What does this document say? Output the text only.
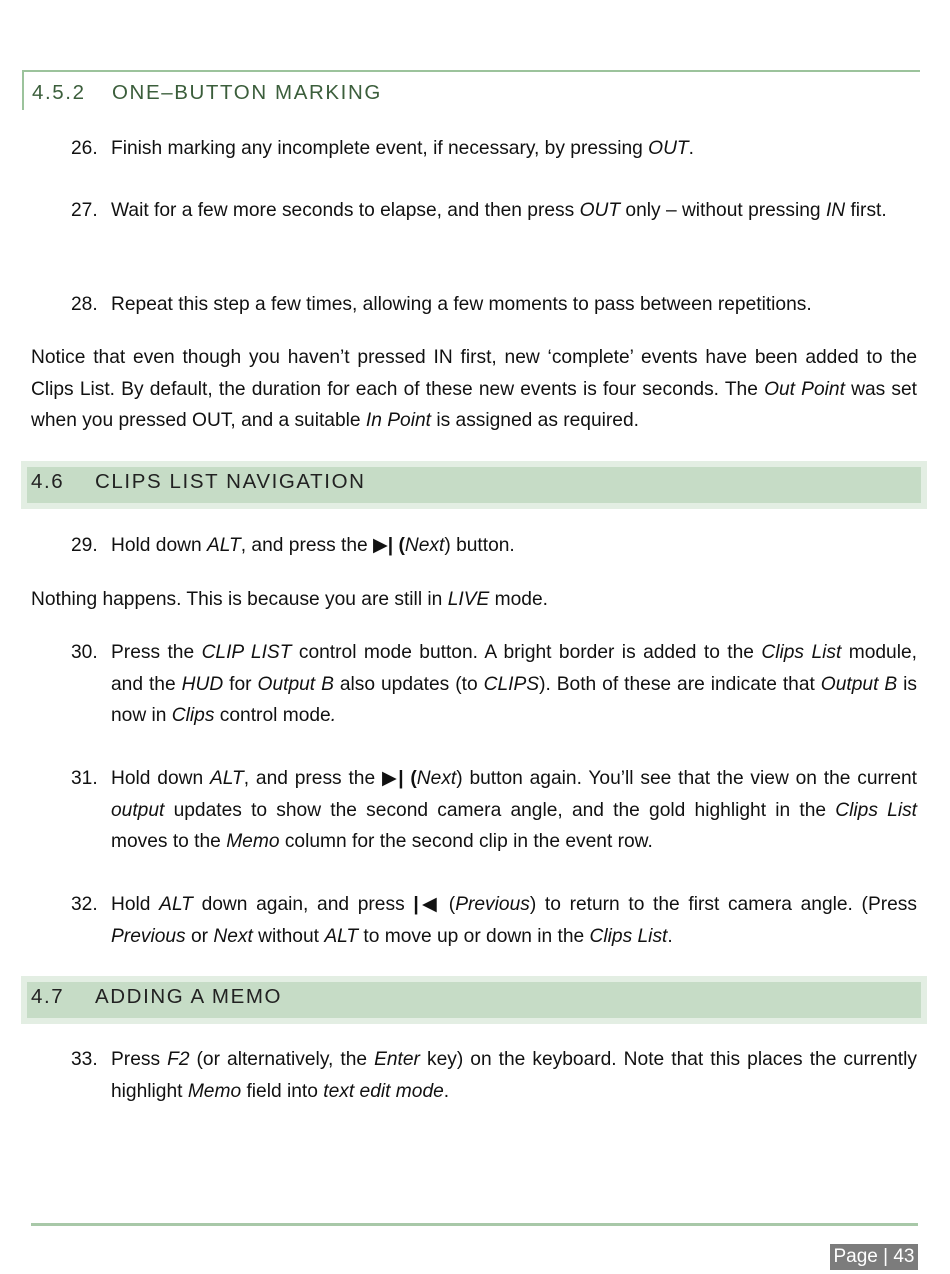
4.5.2 ONE–BUTTON MARKING
26. Finish marking any incomplete event, if necessary, by pressing OUT.
27. Wait for a few more seconds to elapse, and then press OUT only – without pressing IN first.
28. Repeat this step a few times, allowing a few moments to pass between repetitions.
Notice that even though you haven’t pressed IN first, new ‘complete’ events have been added to the Clips List. By default, the duration for each of these new events is four seconds. The Out Point was set when you pressed OUT, and a suitable In Point is assigned as required.
4.6 CLIPS LIST NAVIGATION
29. Hold down ALT, and press the ▶| (Next) button.
Nothing happens. This is because you are still in LIVE mode.
30. Press the CLIP LIST control mode button. A bright border is added to the Clips List module, and the HUD for Output B also updates (to CLIPS). Both of these are indicate that Output B is now in Clips control mode.
31. Hold down ALT, and press the ▶| (Next) button again. You’ll see that the view on the current output updates to show the second camera angle, and the gold highlight in the Clips List moves to the Memo column for the second clip in the event row.
32. Hold ALT down again, and press |◀ (Previous) to return to the first camera angle. (Press Previous or Next without ALT to move up or down in the Clips List.
4.7 ADDING A MEMO
33. Press F2 (or alternatively, the Enter key) on the keyboard. Note that this places the currently highlight Memo field into text edit mode.
Page | 43
